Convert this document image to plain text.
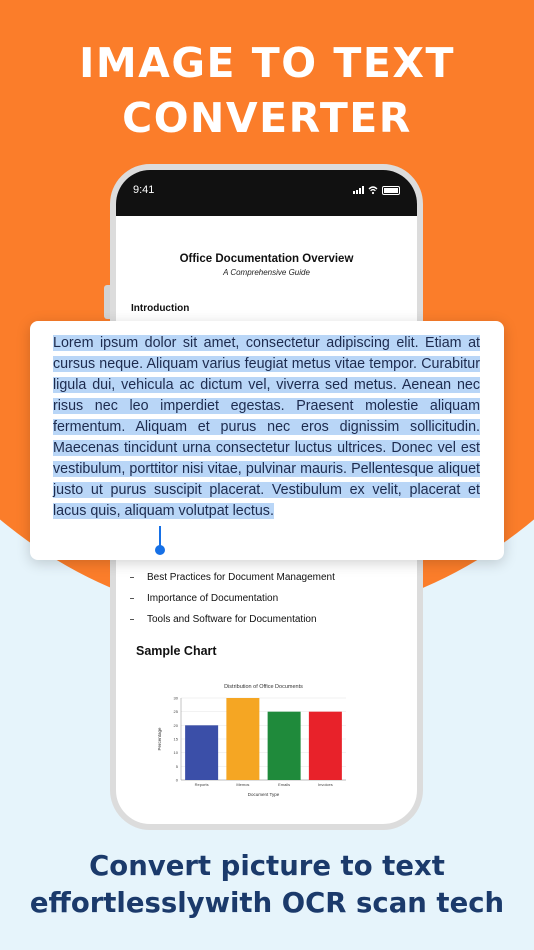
IMAGE TO TEXT
CONVERTER
9:41
Office Documentation Overview
A Comprehensive Guide
Introduction
Best Practices for Document Management
Importance of Documentation
Tools and Software for Documentation
Sample Chart
Distribution of Office Documents
0
5
10
15
20
25
30
Reports	Memos	Emails	Invoices
Document Type
Percentage
Lorem ipsum dolor sit amet, consectetur adipiscing elit. Etiam at cursus neque. Aliquam varius feugiat metus vitae tempor. Curabitur ligula dui, vehicula ac dictum vel, viverra sed metus. Aenean nec risus nec leo imperdiet egestas. Praesent molestie aliquam fermentum. Aliquam et purus nec eros dignissim sollicitudin. Maecenas tincidunt urna consectetur luctus ultrices. Donec vel est vestibulum, porttitor nisi vitae, pulvinar mauris. Pellentesque aliquet justo ut purus suscipit placerat. Vestibulum ex velit, placerat et lacus quis, aliquam volutpat lectus.
Convert picture to text
effortlesslywith OCR scan tech
